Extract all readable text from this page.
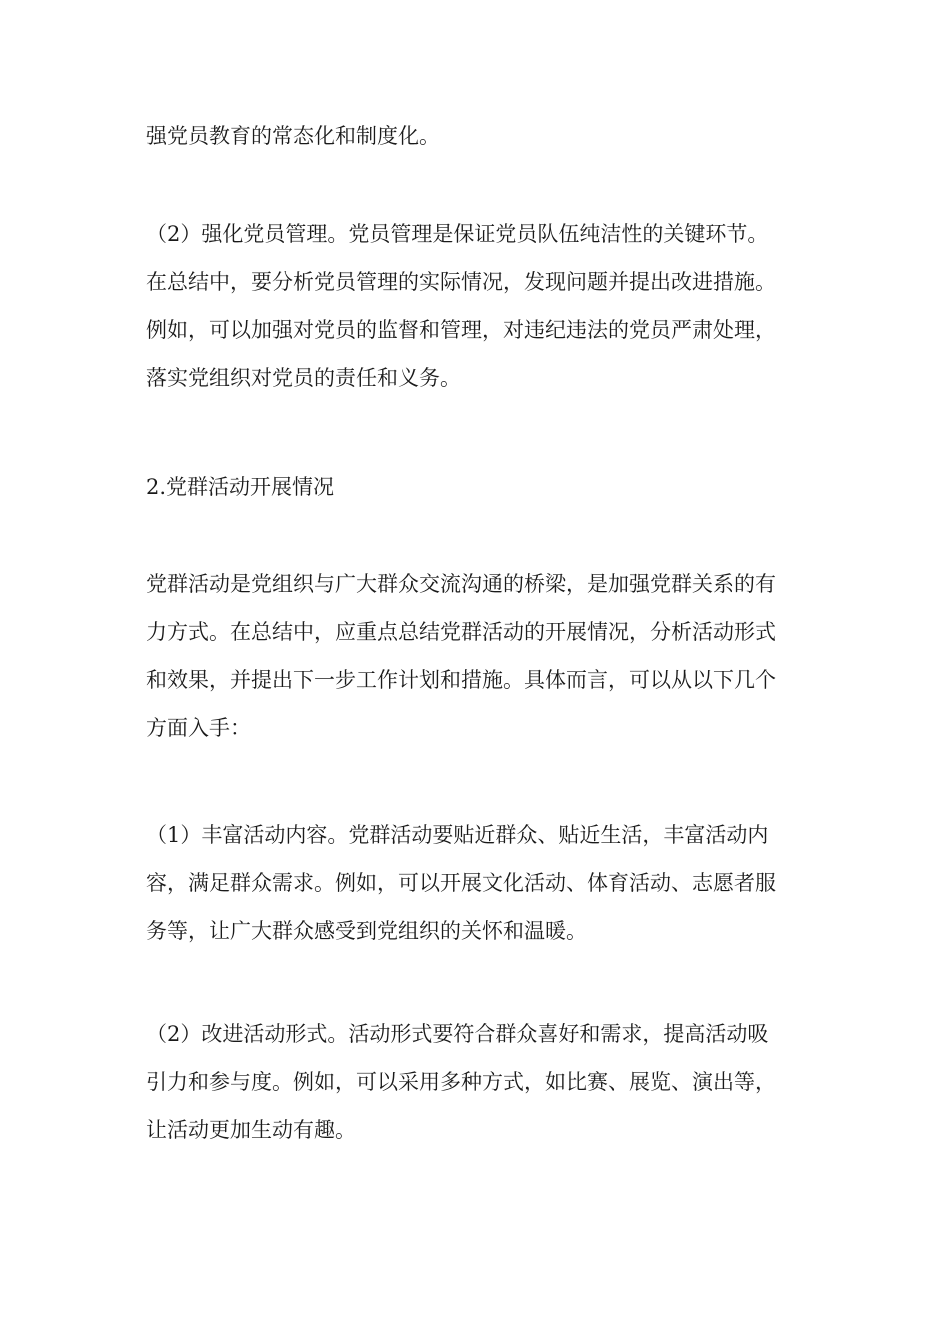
强党员教育的常态化和制度化。

（2）强化党员管理。党员管理是保证党员队伍纯洁性的关键环节。
在总结中，要分析党员管理的实际情况，发现问题并提出改进措施。
例如，可以加强对党员的监督和管理，对违纪违法的党员严肃处理，
落实党组织对党员的责任和义务。

2.党群活动开展情况

党群活动是党组织与广大群众交流沟通的桥梁，是加强党群关系的有
力方式。在总结中，应重点总结党群活动的开展情况，分析活动形式
和效果，并提出下一步工作计划和措施。具体而言，可以从以下几个
方面入手：

（1）丰富活动内容。党群活动要贴近群众、贴近生活，丰富活动内
容，满足群众需求。例如，可以开展文化活动、体育活动、志愿者服
务等，让广大群众感受到党组织的关怀和温暖。

（2）改进活动形式。活动形式要符合群众喜好和需求，提高活动吸
引力和参与度。例如，可以采用多种方式，如比赛、展览、演出等，
让活动更加生动有趣。
